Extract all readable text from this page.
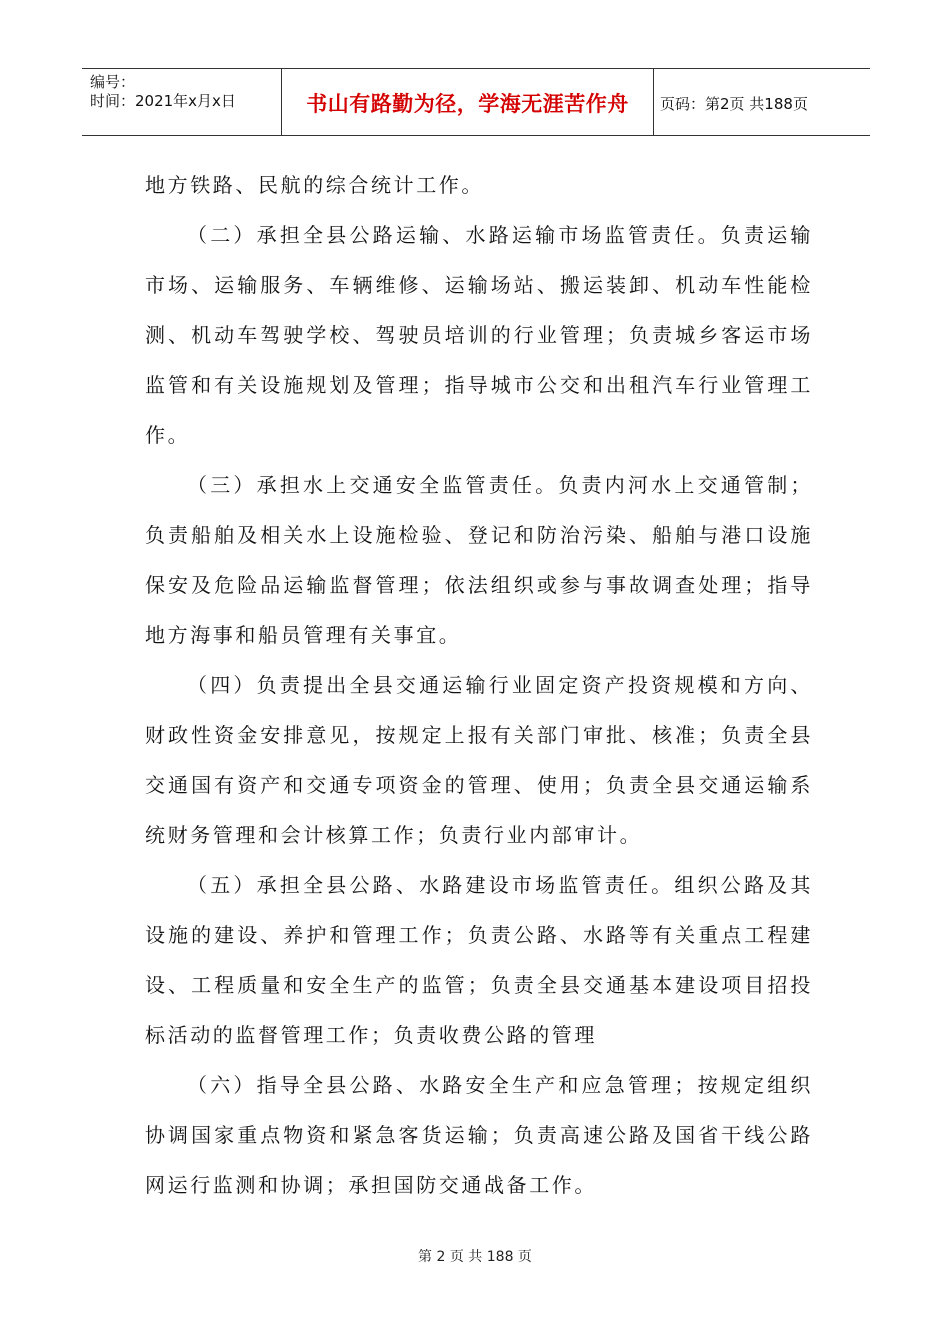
编号：
时间：2021年x月x日	书山有路勤为径，学海无涯苦作舟	页码：第2页 共188页

地方铁路、民航的综合统计工作。

（二）承担全县公路运输、水路运输市场监管责任。负责运输市场、运输服务、车辆维修、运输场站、搬运装卸、机动车性能检测、机动车驾驶学校、驾驶员培训的行业管理；负责城乡客运市场监管和有关设施规划及管理；指导城市公交和出租汽车行业管理工作。

（三）承担水上交通安全监管责任。负责内河水上交通管制；负责船舶及相关水上设施检验、登记和防治污染、船舶与港口设施保安及危险品运输监督管理；依法组织或参与事故调查处理；指导地方海事和船员管理有关事宜。

（四）负责提出全县交通运输行业固定资产投资规模和方向、财政性资金安排意见，按规定上报有关部门审批、核准；负责全县交通国有资产和交通专项资金的管理、使用；负责全县交通运输系统财务管理和会计核算工作；负责行业内部审计。

（五）承担全县公路、水路建设市场监管责任。组织公路及其设施的建设、养护和管理工作；负责公路、水路等有关重点工程建设、工程质量和安全生产的监管；负责全县交通基本建设项目招投标活动的监督管理工作；负责收费公路的管理

（六）指导全县公路、水路安全生产和应急管理；按规定组织协调国家重点物资和紧急客货运输；负责高速公路及国省干线公路网运行监测和协调；承担国防交通战备工作。

第 2 页 共 188 页
